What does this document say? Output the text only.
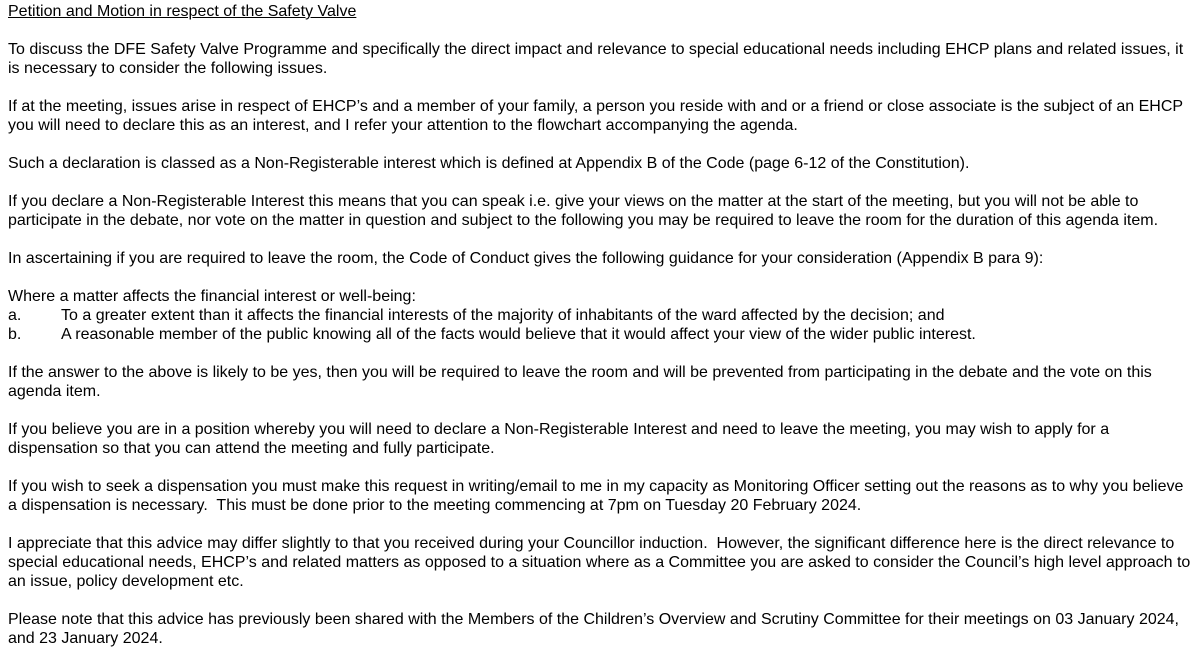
Petition and Motion in respect of the Safety Valve

To discuss the DFE Safety Valve Programme and specifically the direct impact and relevance to special educational needs including EHCP plans and related issues, it is necessary to consider the following issues.

If at the meeting, issues arise in respect of EHCP’s and a member of your family, a person you reside with and or a friend or close associate is the subject of an EHCP you will need to declare this as an interest, and I refer your attention to the flowchart accompanying the agenda.

Such a declaration is classed as a Non-Registerable interest which is defined at Appendix B of the Code (page 6-12 of the Constitution).

If you declare a Non-Registerable Interest this means that you can speak i.e. give your views on the matter at the start of the meeting, but you will not be able to participate in the debate, nor vote on the matter in question and subject to the following you may be required to leave the room for the duration of this agenda item.

In ascertaining if you are required to leave the room, the Code of Conduct gives the following guidance for your consideration (Appendix B para 9):

Where a matter affects the financial interest or well-being:

a.	To a greater extent than it affects the financial interests of the majority of inhabitants of the ward affected by the decision; and
b.	A reasonable member of the public knowing all of the facts would believe that it would affect your view of the wider public interest.

If the answer to the above is likely to be yes, then you will be required to leave the room and will be prevented from participating in the debate and the vote on this agenda item.

If you believe you are in a position whereby you will need to declare a Non-Registerable Interest and need to leave the meeting, you may wish to apply for a dispensation so that you can attend the meeting and fully participate.

If you wish to seek a dispensation you must make this request in writing/email to me in my capacity as Monitoring Officer setting out the reasons as to why you believe a dispensation is necessary.  This must be done prior to the meeting commencing at 7pm on Tuesday 20 February 2024.

I appreciate that this advice may differ slightly to that you received during your Councillor induction.  However, the significant difference here is the direct relevance to special educational needs, EHCP’s and related matters as opposed to a situation where as a Committee you are asked to consider the Council’s high level approach to an issue, policy development etc.

Please note that this advice has previously been shared with the Members of the Children’s Overview and Scrutiny Committee for their meetings on 03 January 2024, and 23 January 2024.
